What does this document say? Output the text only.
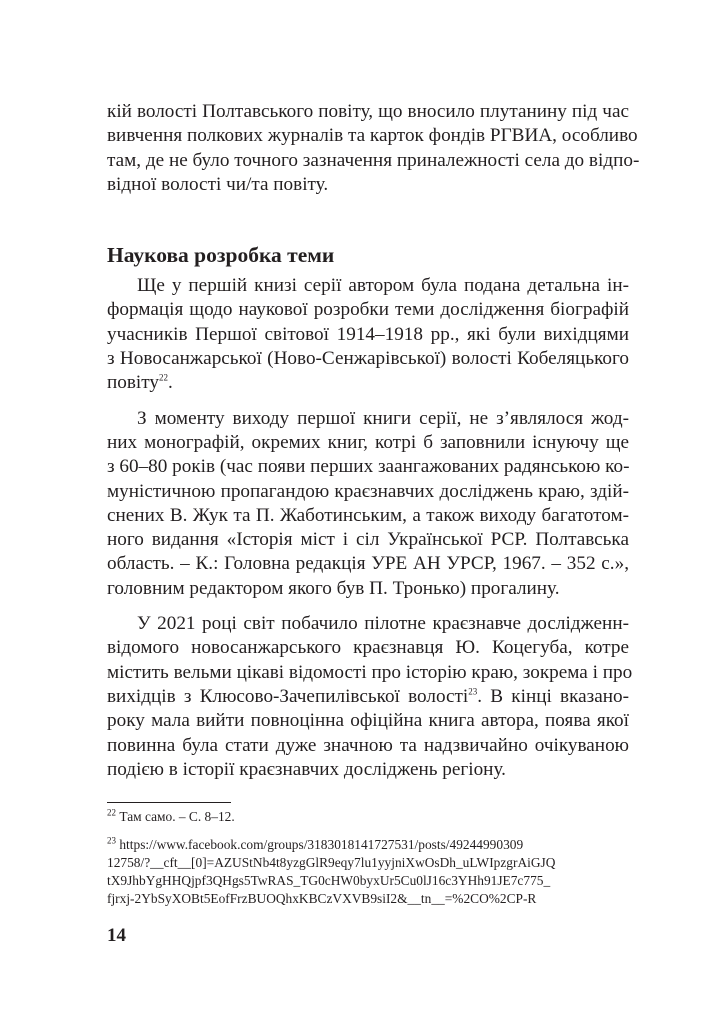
кій волості Полтавського повіту, що вносило плутанину під час
вивчення полкових журналів та карток фондів РГВИА, особливо
там, де не було точного зазначення приналежності села до відпо-
відної волості чи/та повіту.
Наукова розробка теми
Ще у першій книзі серії автором була подана детальна ін-
формація щодо наукової розробки теми дослідження біографій
учасників Першої світової 1914–1918 рр., які були вихідцями
з Новосанжарської (Ново-Сенжарівської) волості Кобеляцького
повіту$^{22}$.
З моменту виходу першої книги серії, не з’являлося жод-
них монографій, окремих книг, котрі б заповнили існуючу ще
з 60–80 років (час появи перших заангажованих радянською ко-
муністичною пропагандою краєзнавчих досліджень краю, здій-
снених В. Жук та П. Жаботинським, а також виходу багатотом-
ного видання «Історія міст і сіл Української РСР. Полтавська
область. – К.: Головна редакція УРЕ АН УРСР, 1967. – 352 с.»,
головним редактором якого був П. Тронько) прогалину.
У 2021 році світ побачило пілотне краєзнавче дослідженн-
відомого новосанжарського краєзнавця Ю. Коцегуба, котре
містить вельми цікаві відомості про історію краю, зокрема і про
вихідців з Клюсово-Зачепилівської волості$^{23}$. В кінці вказано-
року мала вийти повноцінна офіційна книга автора, поява якої
повинна була стати дуже значною та надзвичайно очікуваною
подією в історії краєзнавчих досліджень регіону.
$^{22}$ Там само. – С. 8–12.
$^{23}$ https://www.facebook.com/groups/318301814172753​1/posts/49244990309
12758/?__cft__[0]=AZUStNb4t8yzgGlR9eqy7lu1yyjniXwOsDh_uLWIpzgrAiGJQ
tX9JhbYgHHQjpf3QHgs5TwRAS_TG0cHW0byxUr5Cu0lJ16c3YHh91JE7c775_
fjrxj-2YbSyXOBt5EofFrzBUOQhxKBCzVXVB9siI2&__tn__=%2CO%2CP-R
14
